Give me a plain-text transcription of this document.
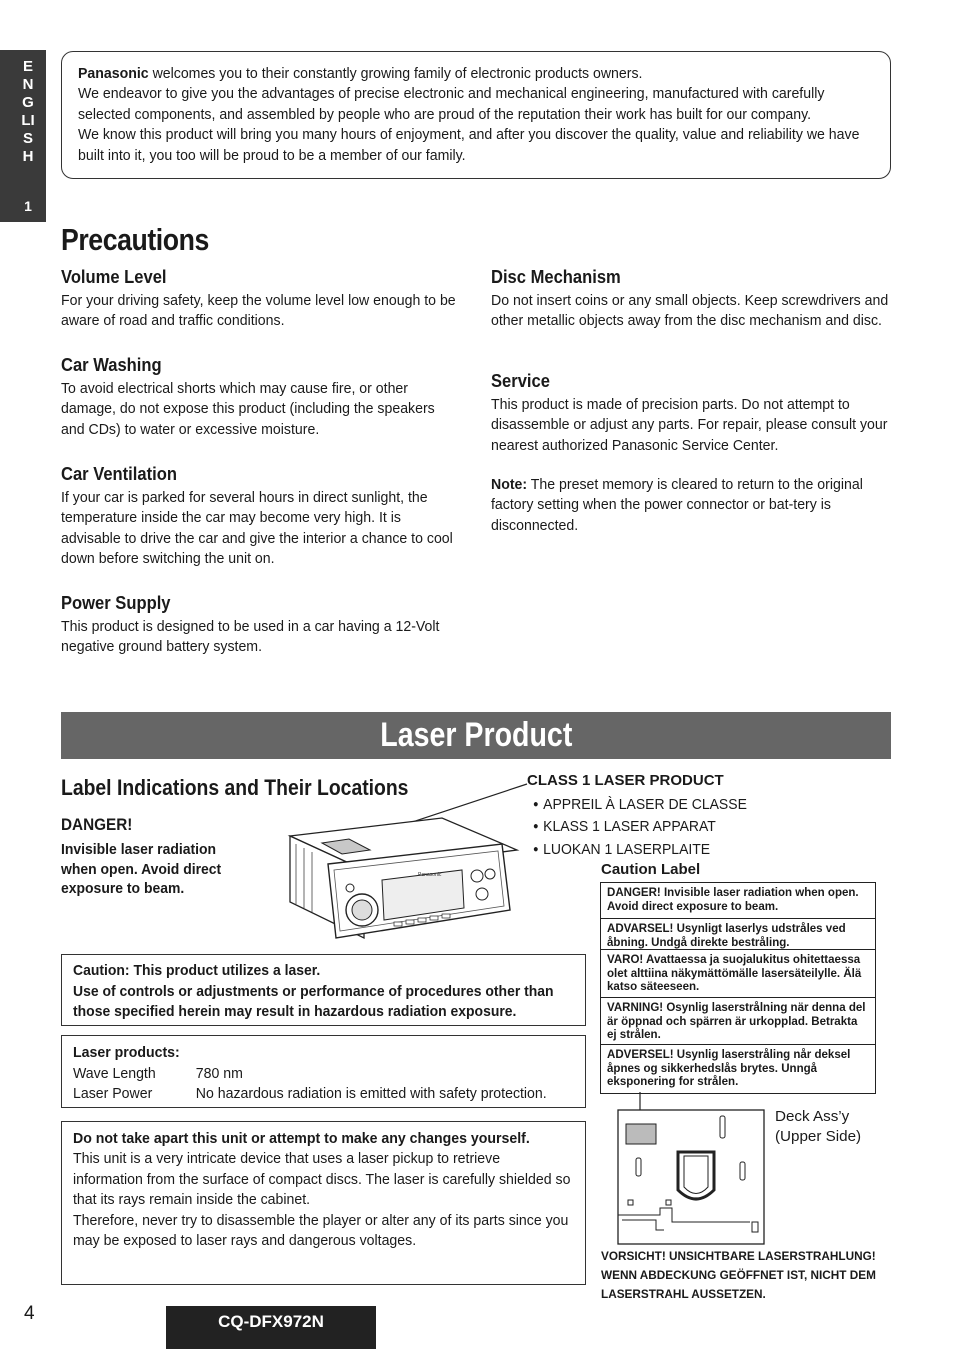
ENGLISH
1
Panasonic welcomes you to their constantly growing family of electronic products owners.
We endeavor to give you the advantages of precise electronic and mechanical engineering, manufactured with carefully selected components, and assembled by people who are proud of the reputation their work has built for our company.
We know this product will bring you many hours of enjoyment, and after you discover the quality, value and reliability we have built into it, you too will be proud to be a member of our family.
Precautions
Volume Level
For your driving safety, keep the volume level low enough to be aware of road and traffic conditions.
Car Washing
To avoid electrical shorts which may cause fire, or other damage, do not expose this product (including the speakers and CDs) to water or excessive moisture.
Car Ventilation
If your car is parked for several hours in direct sunlight, the temperature inside the car may become very high. It is advisable to drive the car and give the interior a chance to cool down before switching the unit on.
Power Supply
This product is designed to be used in a car having a 12-Volt negative ground battery system.
Disc Mechanism
Do not insert coins or any small objects. Keep screwdrivers and other metallic objects away from the disc mechanism and disc.
Service
This product is made of precision parts. Do not attempt to disassemble or adjust any parts. For repair, please consult your nearest authorized Panasonic Service Center.
Note: The preset memory is cleared to return to the original factory setting when the power connector or bat-tery is disconnected.
Laser Product
Label Indications and Their Locations
DANGER!
Invisible laser radiation when open. Avoid direct exposure to beam.
Panasonic
CLASS 1 LASER PRODUCT
● APPREIL À LASER DE CLASSE
● KLASS 1 LASER APPARAT
● LUOKAN 1 LASERPLAITE
Caution Label
DANGER! Invisible laser radiation when open. Avoid direct exposure to beam.
ADVARSEL! Usynligt laserlys udstråles ved åbning. Undgå direkte bestråling.
VARO! Avattaessa ja suojalukitus ohitettaessa olet alttiina näkymättömälle lasersäteilylle. Älä katso säteeseen.
VARNING! Osynlig laserstrålning när denna del är öppnad och spärren är urkopplad. Betrakta ej strålen.
ADVERSEL! Usynlig laserstråling når deksel åpnes og sikkerhedslås brytes. Unngå eksponering for strålen.
Deck Ass’y
(Upper Side)
VORSICHT! UNSICHTBARE LASERSTRAHLUNG!
WENN ABDECKUNG GEÖFFNET IST, NICHT DEM
LASERSTRAHL AUSSETZEN.
Caution: This product utilizes a laser.
Use of controls or adjustments or performance of procedures other than those specified herein may result in hazardous radiation exposure.
Laser products:
Wave Length	780 nm
Laser Power	No hazardous radiation is emitted with safety protection.
Do not take apart this unit or attempt to make any changes yourself.
This unit is a very intricate device that uses a laser pickup to retrieve information from the surface of compact discs. The laser is carefully shielded so that its rays remain inside the cabinet.
Therefore, never try to disassemble the player or alter any of its parts since you may be exposed to laser rays and dangerous voltages.
4	CQ-DFX972N
